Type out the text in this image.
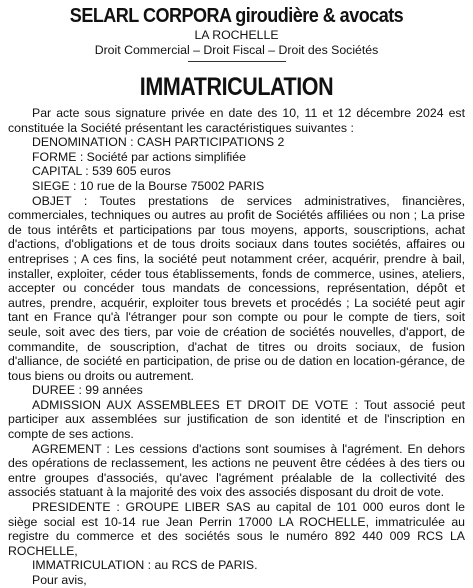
SELARL CORPORA giroudière & avocats
LA ROCHELLE
Droit Commercial – Droit Fiscal – Droit des Sociétés
IMMATRICULATION

Par acte sous signature privée en date des 10, 11 et 12 décembre 2024 est constituée la Société présentant les caractéristiques suivantes :

DENOMINATION : CASH PARTICIPATIONS 2

FORME : Société par actions simplifiée

CAPITAL : 539 605 euros

SIEGE : 10 rue de la Bourse 75002 PARIS

OBJET : Toutes prestations de services administratives, financières, commerciales, techniques ou autres au profit de Sociétés affiliées ou non ; La prise de tous intérêts et participations par tous moyens, apports, souscriptions, achat d'actions, d'obligations et de tous droits sociaux dans toutes sociétés, affaires ou entreprises ; A ces fins, la société peut notamment créer, acquérir, prendre à bail, installer, exploiter, céder tous établissements, fonds de commerce, usines, ateliers, accepter ou concéder tous mandats de concessions, représentation, dépôt et autres, prendre, acquérir, exploiter tous brevets et procédés ; La société peut agir tant en France qu'à l'étranger pour son compte ou pour le compte de tiers, soit seule, soit avec des tiers, par voie de création de sociétés nouvelles, d'apport, de commandite, de souscription, d'achat de titres ou droits sociaux, de fusion d'alliance, de société en participation, de prise ou de dation en location-gérance, de tous biens ou droits ou autrement.

DUREE : 99 années

ADMISSION AUX ASSEMBLEES ET DROIT DE VOTE : Tout associé peut participer aux assemblées sur justification de son identité et de l'inscription en compte de ses actions.

AGREMENT : Les cessions d'actions sont soumises à l'agrément. En dehors des opérations de reclassement, les actions ne peuvent être cédées à des tiers ou entre groupes d'associés, qu'avec l'agrément préalable de la collectivité des associés statuant à la majorité des voix des associés disposant du droit de vote.

PRESIDENTE : GROUPE LIBER SAS au capital de 101 000 euros dont le siège social est 10-14 rue Jean Perrin 17000 LA ROCHELLE, immatriculée au registre du commerce et des sociétés sous le numéro 892 440 009 RCS LA ROCHELLE,

IMMATRICULATION : au RCS de PARIS.

Pour avis,
